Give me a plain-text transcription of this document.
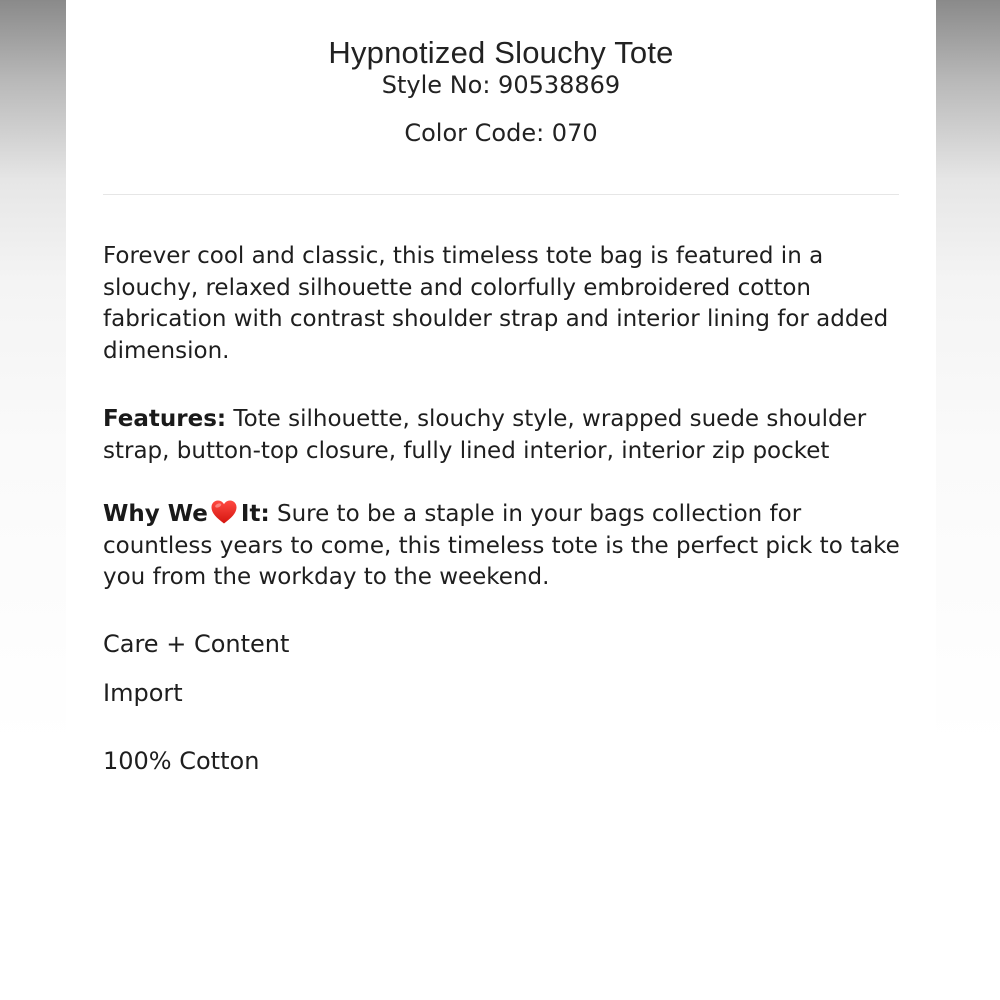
Hypnotized Slouchy Tote
Style No: 90538869
Color Code: 070

Forever cool and classic, this timeless tote bag is featured in a slouchy, relaxed silhouette and colorfully embroidered cotton fabrication with contrast shoulder strap and interior lining for added dimension.

Features: Tote silhouette, slouchy style, wrapped suede shoulder strap, button-top closure, fully lined interior, interior zip pocket

Why We It: Sure to be a staple in your bags collection for countless years to come, this timeless tote is the perfect pick to take you from the workday to the weekend.

Care + Content
Import
100% Cotton
